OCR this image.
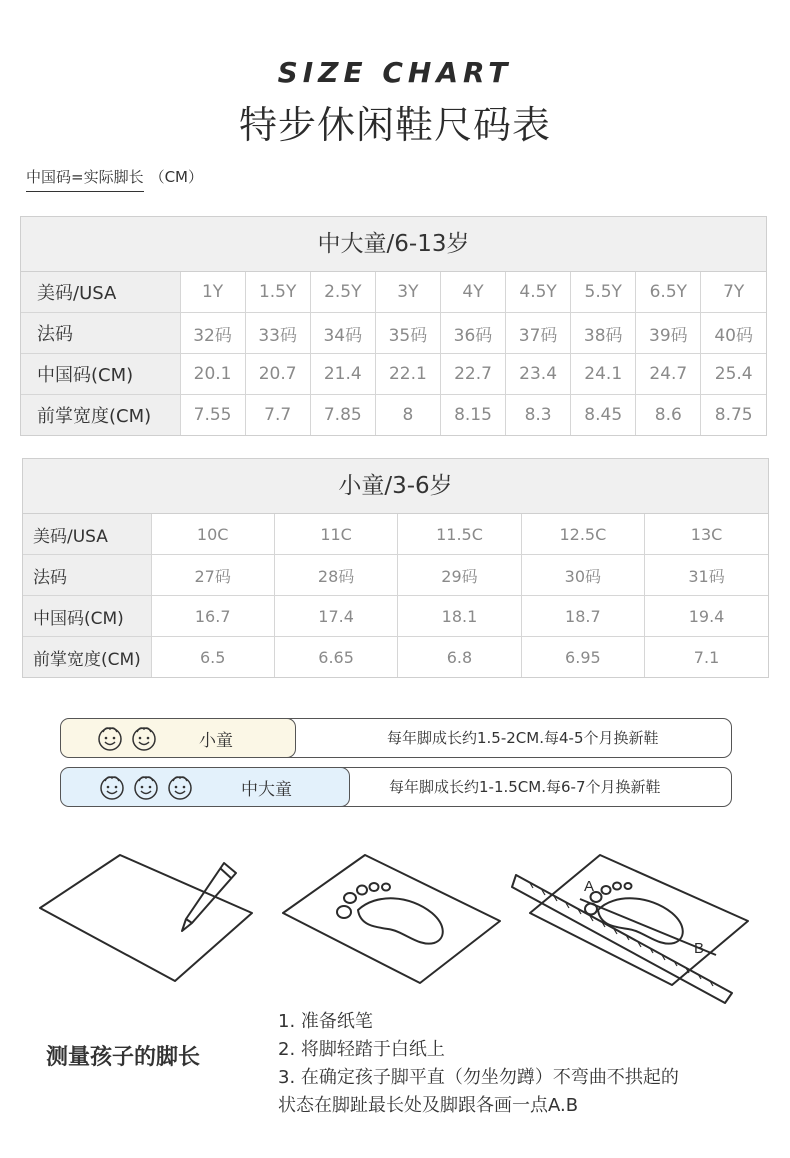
SIZE CHART
特步休闲鞋尺码表
中国码=实际脚长 （CM）
中大童/6-13岁
美码/USA	1Y	1.5Y	2.5Y	3Y	4Y	4.5Y	5.5Y	6.5Y	7Y
法码	32码	33码	34码	35码	36码	37码	38码	39码	40码
中国码(CM)	20.1	20.7	21.4	22.1	22.7	23.4	24.1	24.7	25.4
前掌宽度(CM)	7.55	7.7	7.85	8	8.15	8.3	8.45	8.6	8.75
小童/3-6岁
美码/USA	10C	11C	11.5C	12.5C	13C
法码	27码	28码	29码	30码	31码
中国码(CM)	16.7	17.4	18.1	18.7	19.4
前掌宽度(CM)	6.5	6.65	6.8	6.95	7.1
小童	每年脚成长约1.5-2CM.每4-5个月换新鞋
中大童	每年脚成长约1-1.5CM.每6-7个月换新鞋
A
B
测量孩子的脚长
1. 准备纸笔
2. 将脚轻踏于白纸上
3. 在确定孩子脚平直（勿坐勿蹲）不弯曲不拱起的
状态在脚趾最长处及脚跟各画一点A.B
